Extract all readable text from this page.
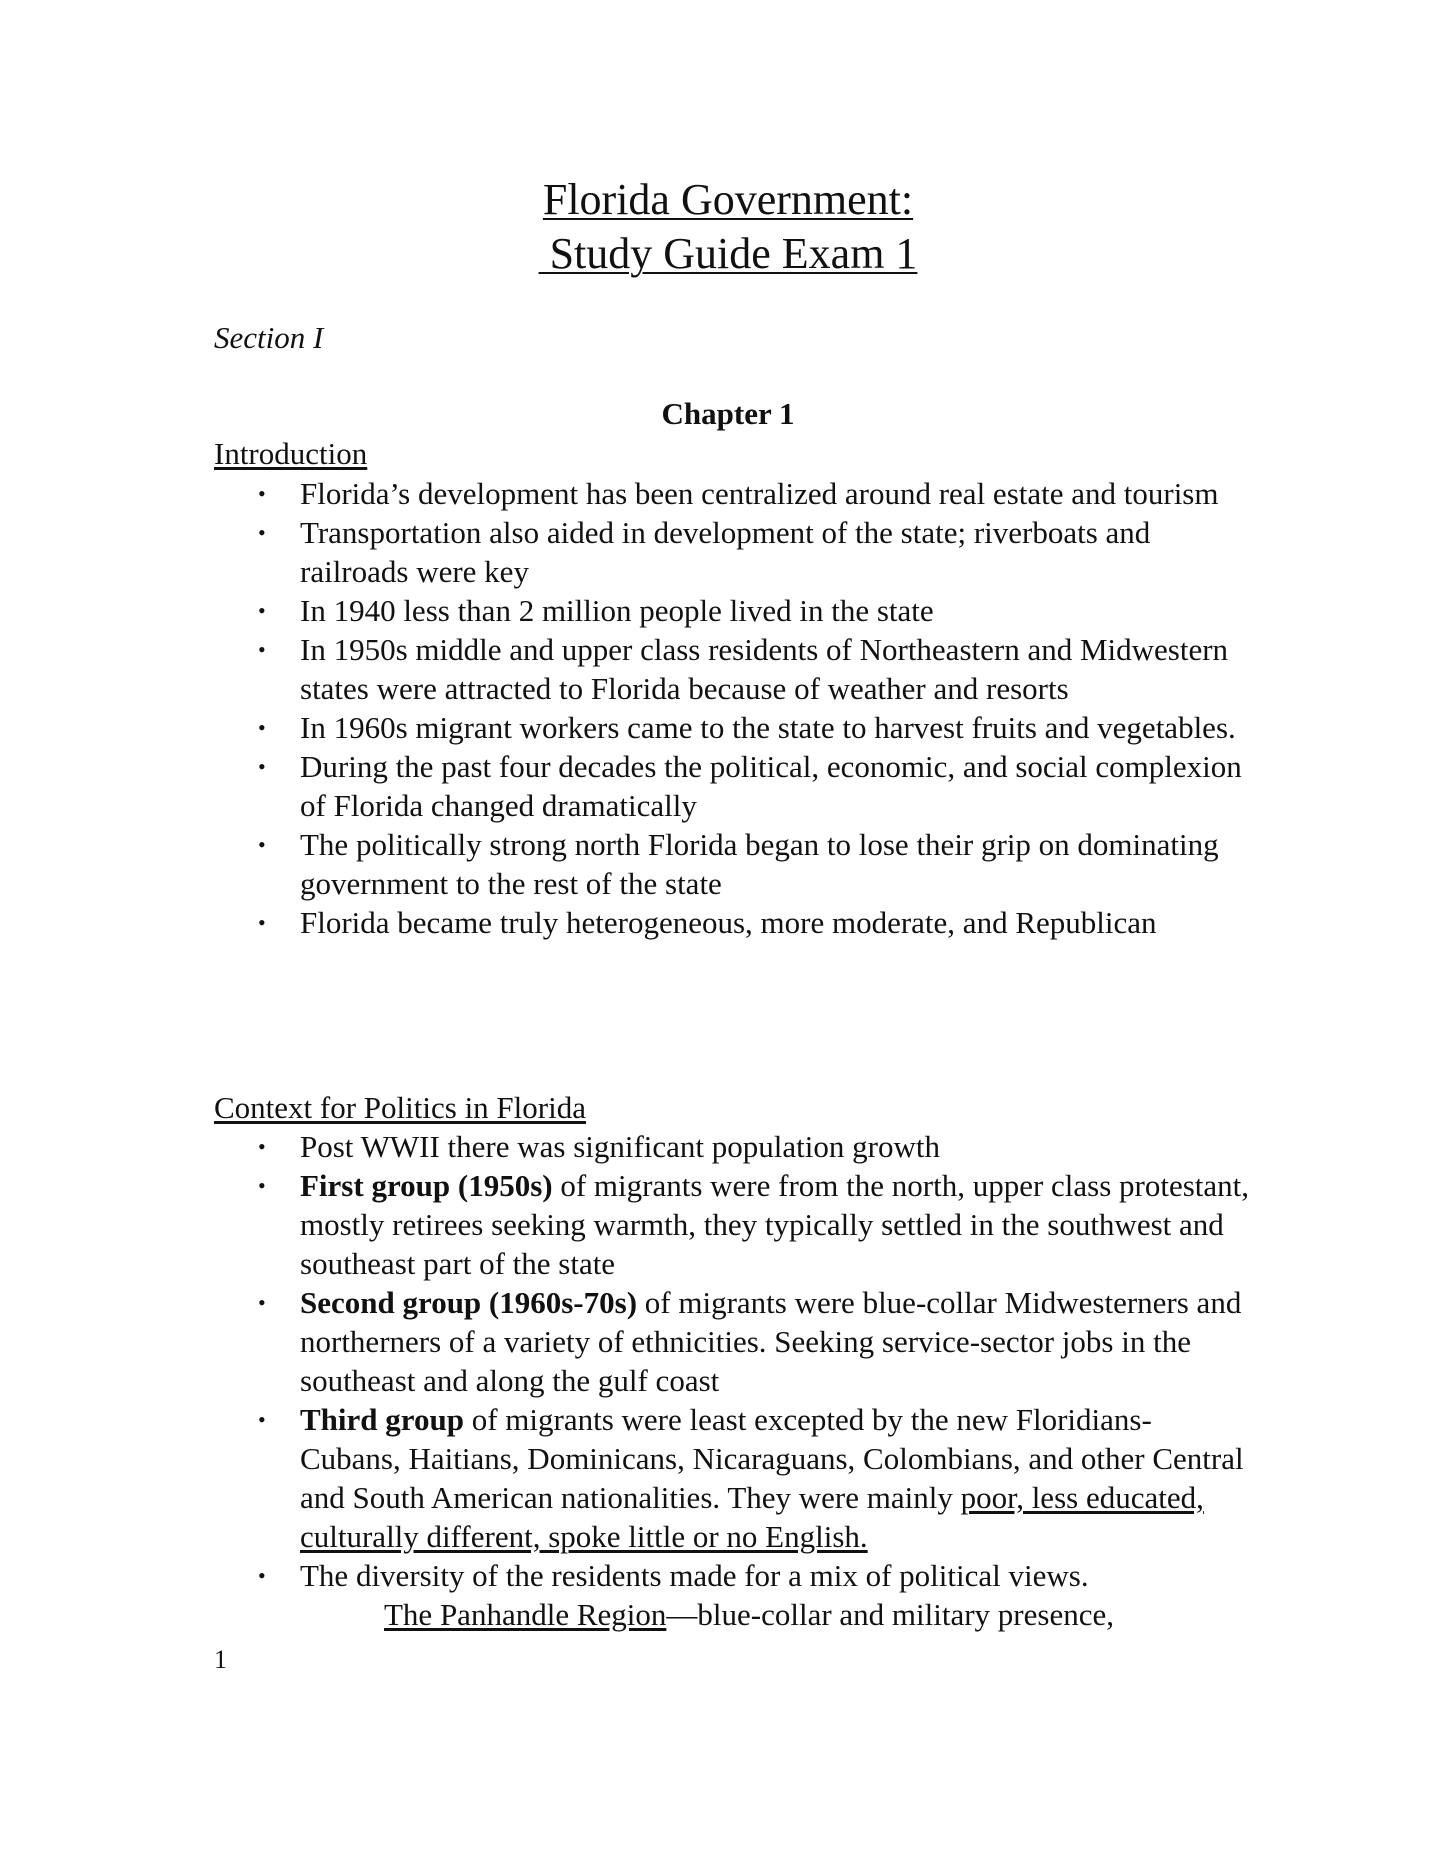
Florida Government:
Study Guide Exam 1
Section I
Chapter 1
Introduction
• Florida’s development has been centralized around real estate and tourism
• Transportation also aided in development of the state; riverboats and railroads were key
• In 1940 less than 2 million people lived in the state
• In 1950s middle and upper class residents of Northeastern and Midwestern states were attracted to Florida because of weather and resorts
• In 1960s migrant workers came to the state to harvest fruits and vegetables.
• During the past four decades the political, economic, and social complexion of Florida changed dramatically
• The politically strong north Florida began to lose their grip on dominating government to the rest of the state
• Florida became truly heterogeneous, more moderate, and Republican
Context for Politics in Florida
• Post WWII there was significant population growth
• First group (1950s) of migrants were from the north, upper class protestant, mostly retirees seeking warmth, they typically settled in the southwest and southeast part of the state
• Second group (1960s-70s) of migrants were blue-collar Midwesterners and northerners of a variety of ethnicities. Seeking service-sector jobs in the southeast and along the gulf coast
• Third group of migrants were least excepted by the new Floridians- Cubans, Haitians, Dominicans, Nicaraguans, Colombians, and other Central and South American nationalities. They were mainly poor, less educated, culturally different, spoke little or no English.
• The diversity of the residents made for a mix of political views.
The Panhandle Region—blue-collar and military presence,
1
